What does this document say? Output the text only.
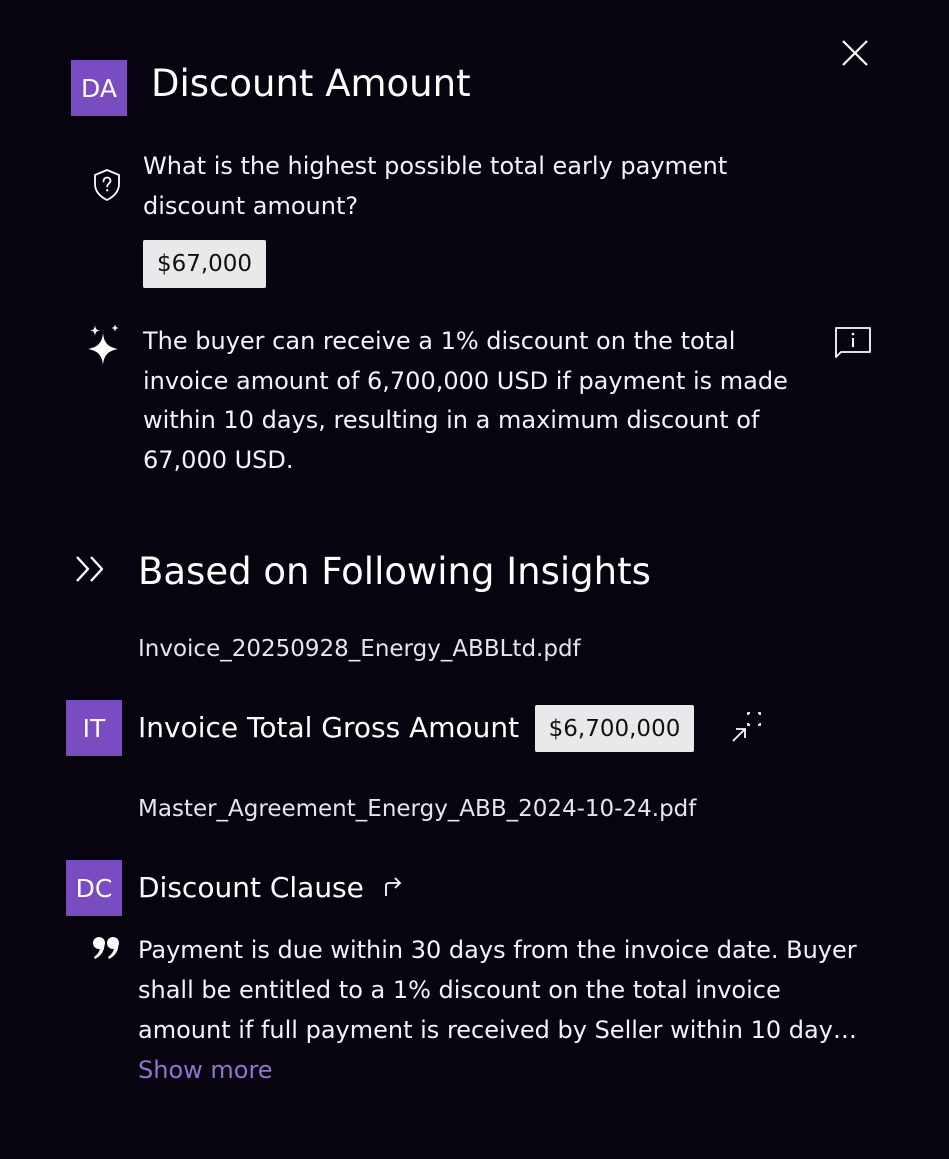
DA Discount Amount
What is the highest possible total early payment discount amount?
$67,000
The buyer can receive a 1% discount on the total invoice amount of 6,700,000 USD if payment is made within 10 days, resulting in a maximum discount of 67,000 USD.
Based on Following Insights
Invoice_20250928_Energy_ABBLtd.pdf
IT	Invoice Total Gross Amount	$6,700,000
Master_Agreement_Energy_ABB_2024-10-24.pdf
DC Discount Clause
Payment is due within 30 days from the invoice date. Buyer shall be entitled to a 1% discount on the total invoice amount if full payment is received by Seller within 10 days
Show more
